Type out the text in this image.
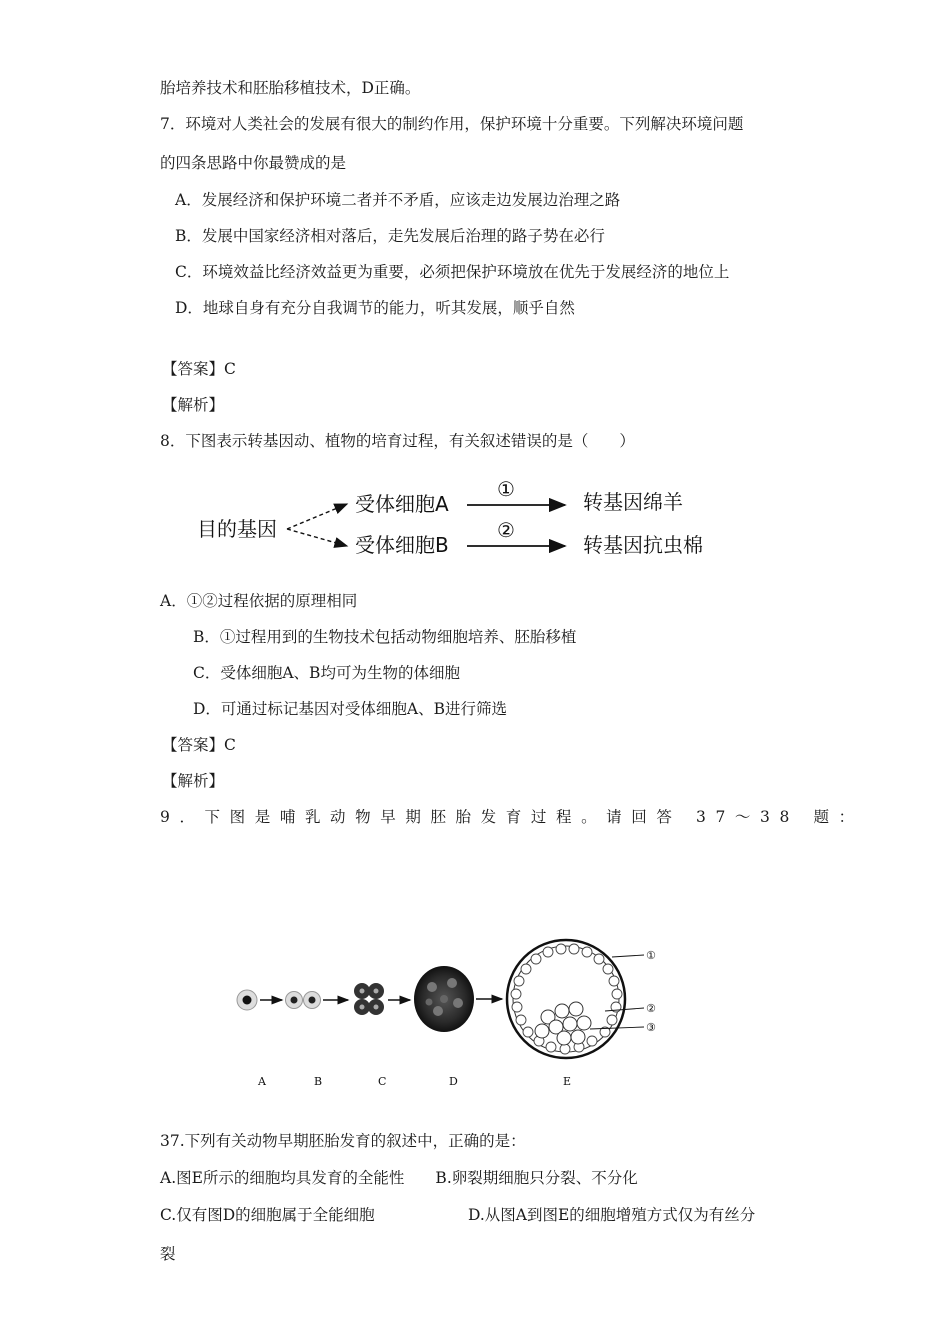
胎培养技术和胚胎移植技术，D正确。
7．环境对人类社会的发展有很大的制约作用，保护环境十分重要。下列解决环境问题
的四条思路中你最赞成的是
A．发展经济和保护环境二者并不矛盾，应该走边发展边治理之路
B．发展中国家经济相对落后，走先发展后治理的路子势在必行
C．环境效益比经济效益更为重要，必须把保护环境放在优先于发展经济的地位上
D．地球自身有充分自我调节的能力，听其发展，顺乎自然
【答案】C
【解析】
8．下图表示转基因动、植物的培育过程，有关叙述错误的是（　　）
目的基因
受体细胞A
受体细胞B
①
②
转基因绵羊
转基因抗虫棉
A．①②过程依据的原理相同
B．①过程用到的生物技术包括动物细胞培养、胚胎移植
C．受体细胞A、B均可为生物的体细胞
D．可通过标记基因对受体细胞A、B进行筛选
【答案】C
【解析】
9．下图是哺乳动物早期胚胎发育过程。请回答 37～38 题：
①
②
③
A	B	C	D	E
37.下列有关动物早期胚胎发育的叙述中，正确的是：
A.图E所示的细胞均具发育的全能性　　B.卵裂期细胞只分裂、不分化
C.仅有图D的细胞属于全能细胞	D.从图A到图E的细胞增殖方式仅为有丝分
裂
